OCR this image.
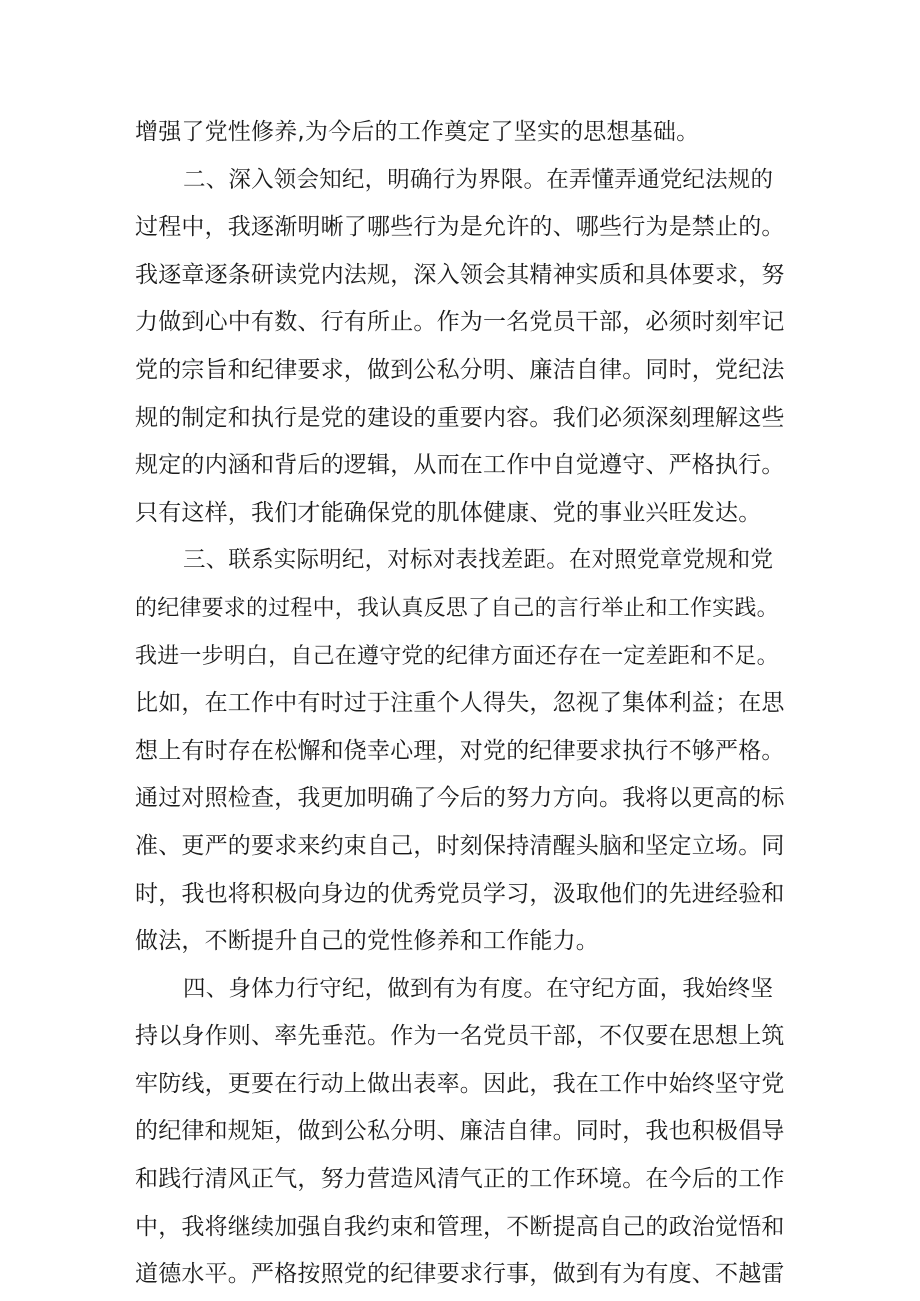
增强了党性修养,为今后的工作奠定了坚实的思想基础。
二、深入领会知纪，明确行为界限。在弄懂弄通党纪法规的
过程中，我逐渐明晰了哪些行为是允许的、哪些行为是禁止的。
我逐章逐条研读党内法规，深入领会其精神实质和具体要求，努
力做到心中有数、行有所止。作为一名党员干部，必须时刻牢记
党的宗旨和纪律要求，做到公私分明、廉洁自律。同时，党纪法
规的制定和执行是党的建设的重要内容。我们必须深刻理解这些
规定的内涵和背后的逻辑，从而在工作中自觉遵守、严格执行。
只有这样，我们才能确保党的肌体健康、党的事业兴旺发达。
三、联系实际明纪，对标对表找差距。在对照党章党规和党
的纪律要求的过程中，我认真反思了自己的言行举止和工作实践。
我进一步明白，自己在遵守党的纪律方面还存在一定差距和不足。
比如，在工作中有时过于注重个人得失，忽视了集体利益；在思
想上有时存在松懈和侥幸心理，对党的纪律要求执行不够严格。
通过对照检查，我更加明确了今后的努力方向。我将以更高的标
准、更严的要求来约束自己，时刻保持清醒头脑和坚定立场。同
时，我也将积极向身边的优秀党员学习，汲取他们的先进经验和
做法，不断提升自己的党性修养和工作能力。
四、身体力行守纪，做到有为有度。在守纪方面，我始终坚
持以身作则、率先垂范。作为一名党员干部，不仅要在思想上筑
牢防线，更要在行动上做出表率。因此，我在工作中始终坚守党
的纪律和规矩，做到公私分明、廉洁自律。同时，我也积极倡导
和践行清风正气，努力营造风清气正的工作环境。在今后的工作
中，我将继续加强自我约束和管理，不断提高自己的政治觉悟和
道德水平。严格按照党的纪律要求行事，做到有为有度、不越雷
